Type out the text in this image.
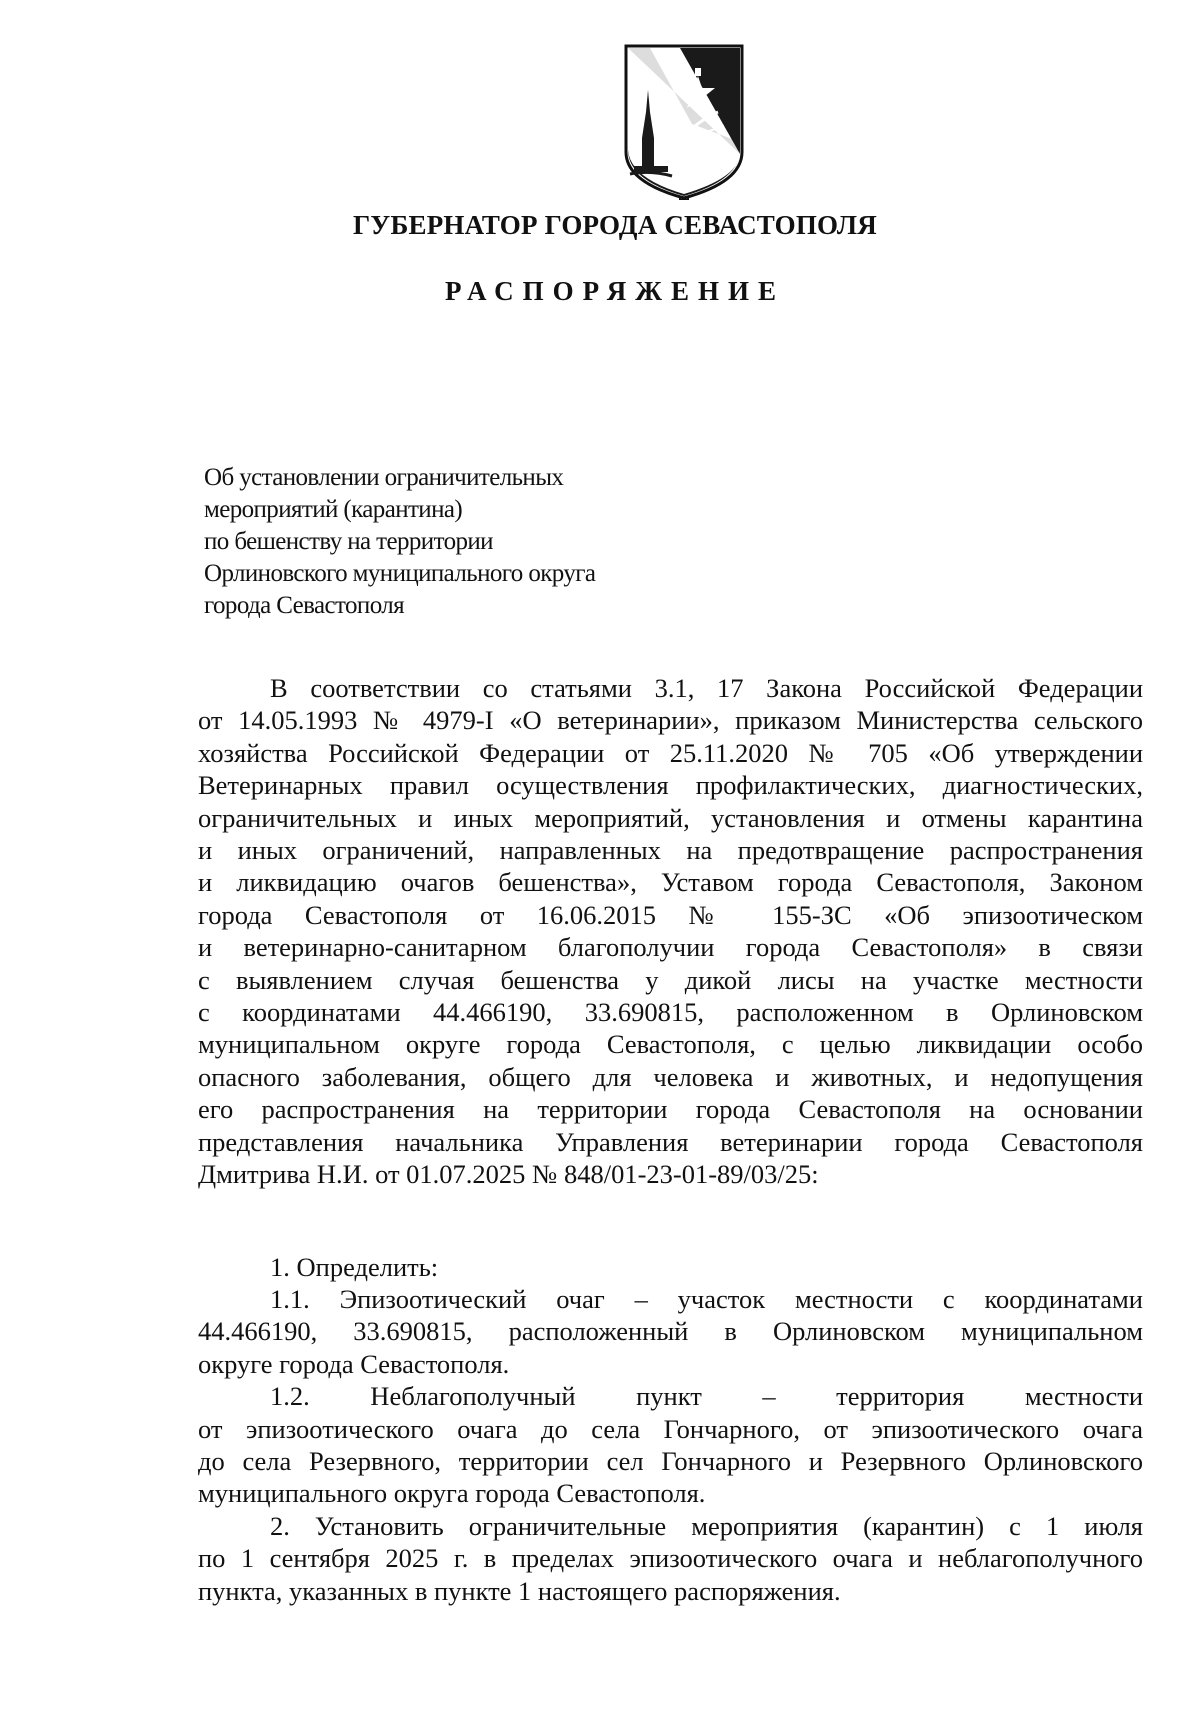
ГУБЕРНАТОР ГОРОДА СЕВАСТОПОЛЯ
РАСПОРЯЖЕНИЕ
Об установлении ограничительных
мероприятий (карантина)
по бешенству на территории
Орлиновского муниципального округа
города Севастополя
В соответствии со статьями 3.1, 17 Закона Российской Федерации
от 14.05.1993 № 4979-I «О ветеринарии», приказом Министерства сельского
хозяйства Российской Федерации от 25.11.2020 № 705 «Об утверждении
Ветеринарных правил осуществления профилактических, диагностических,
ограничительных и иных мероприятий, установления и отмены карантина
и иных ограничений, направленных на предотвращение распространения
и ликвидацию очагов бешенства», Уставом города Севастополя, Законом
города Севастополя от 16.06.2015 № 155-ЗС «Об эпизоотическом
и ветеринарно-санитарном благополучии города Севастополя» в связи
с выявлением случая бешенства у дикой лисы на участке местности
с координатами 44.466190, 33.690815, расположенном в Орлиновском
муниципальном округе города Севастополя, с целью ликвидации особо
опасного заболевания, общего для человека и животных, и недопущения
его распространения на территории города Севастополя на основании
представления начальника Управления ветеринарии города Севастополя
Дмитрива Н.И. от 01.07.2025 № 848/01-23-01-89/03/25:
1. Определить:
1.1. Эпизоотический очаг – участок местности с координатами
44.466190, 33.690815, расположенный в Орлиновском муниципальном
округе города Севастополя.
1.2. Неблагополучный пункт – территория местности
от эпизоотического очага до села Гончарного, от эпизоотического очага
до села Резервного, территории сел Гончарного и Резервного Орлиновского
муниципального округа города Севастополя.
2. Установить ограничительные мероприятия (карантин) с 1 июля
по 1 сентября 2025 г. в пределах эпизоотического очага и неблагополучного
пункта, указанных в пункте 1 настоящего распоряжения.
